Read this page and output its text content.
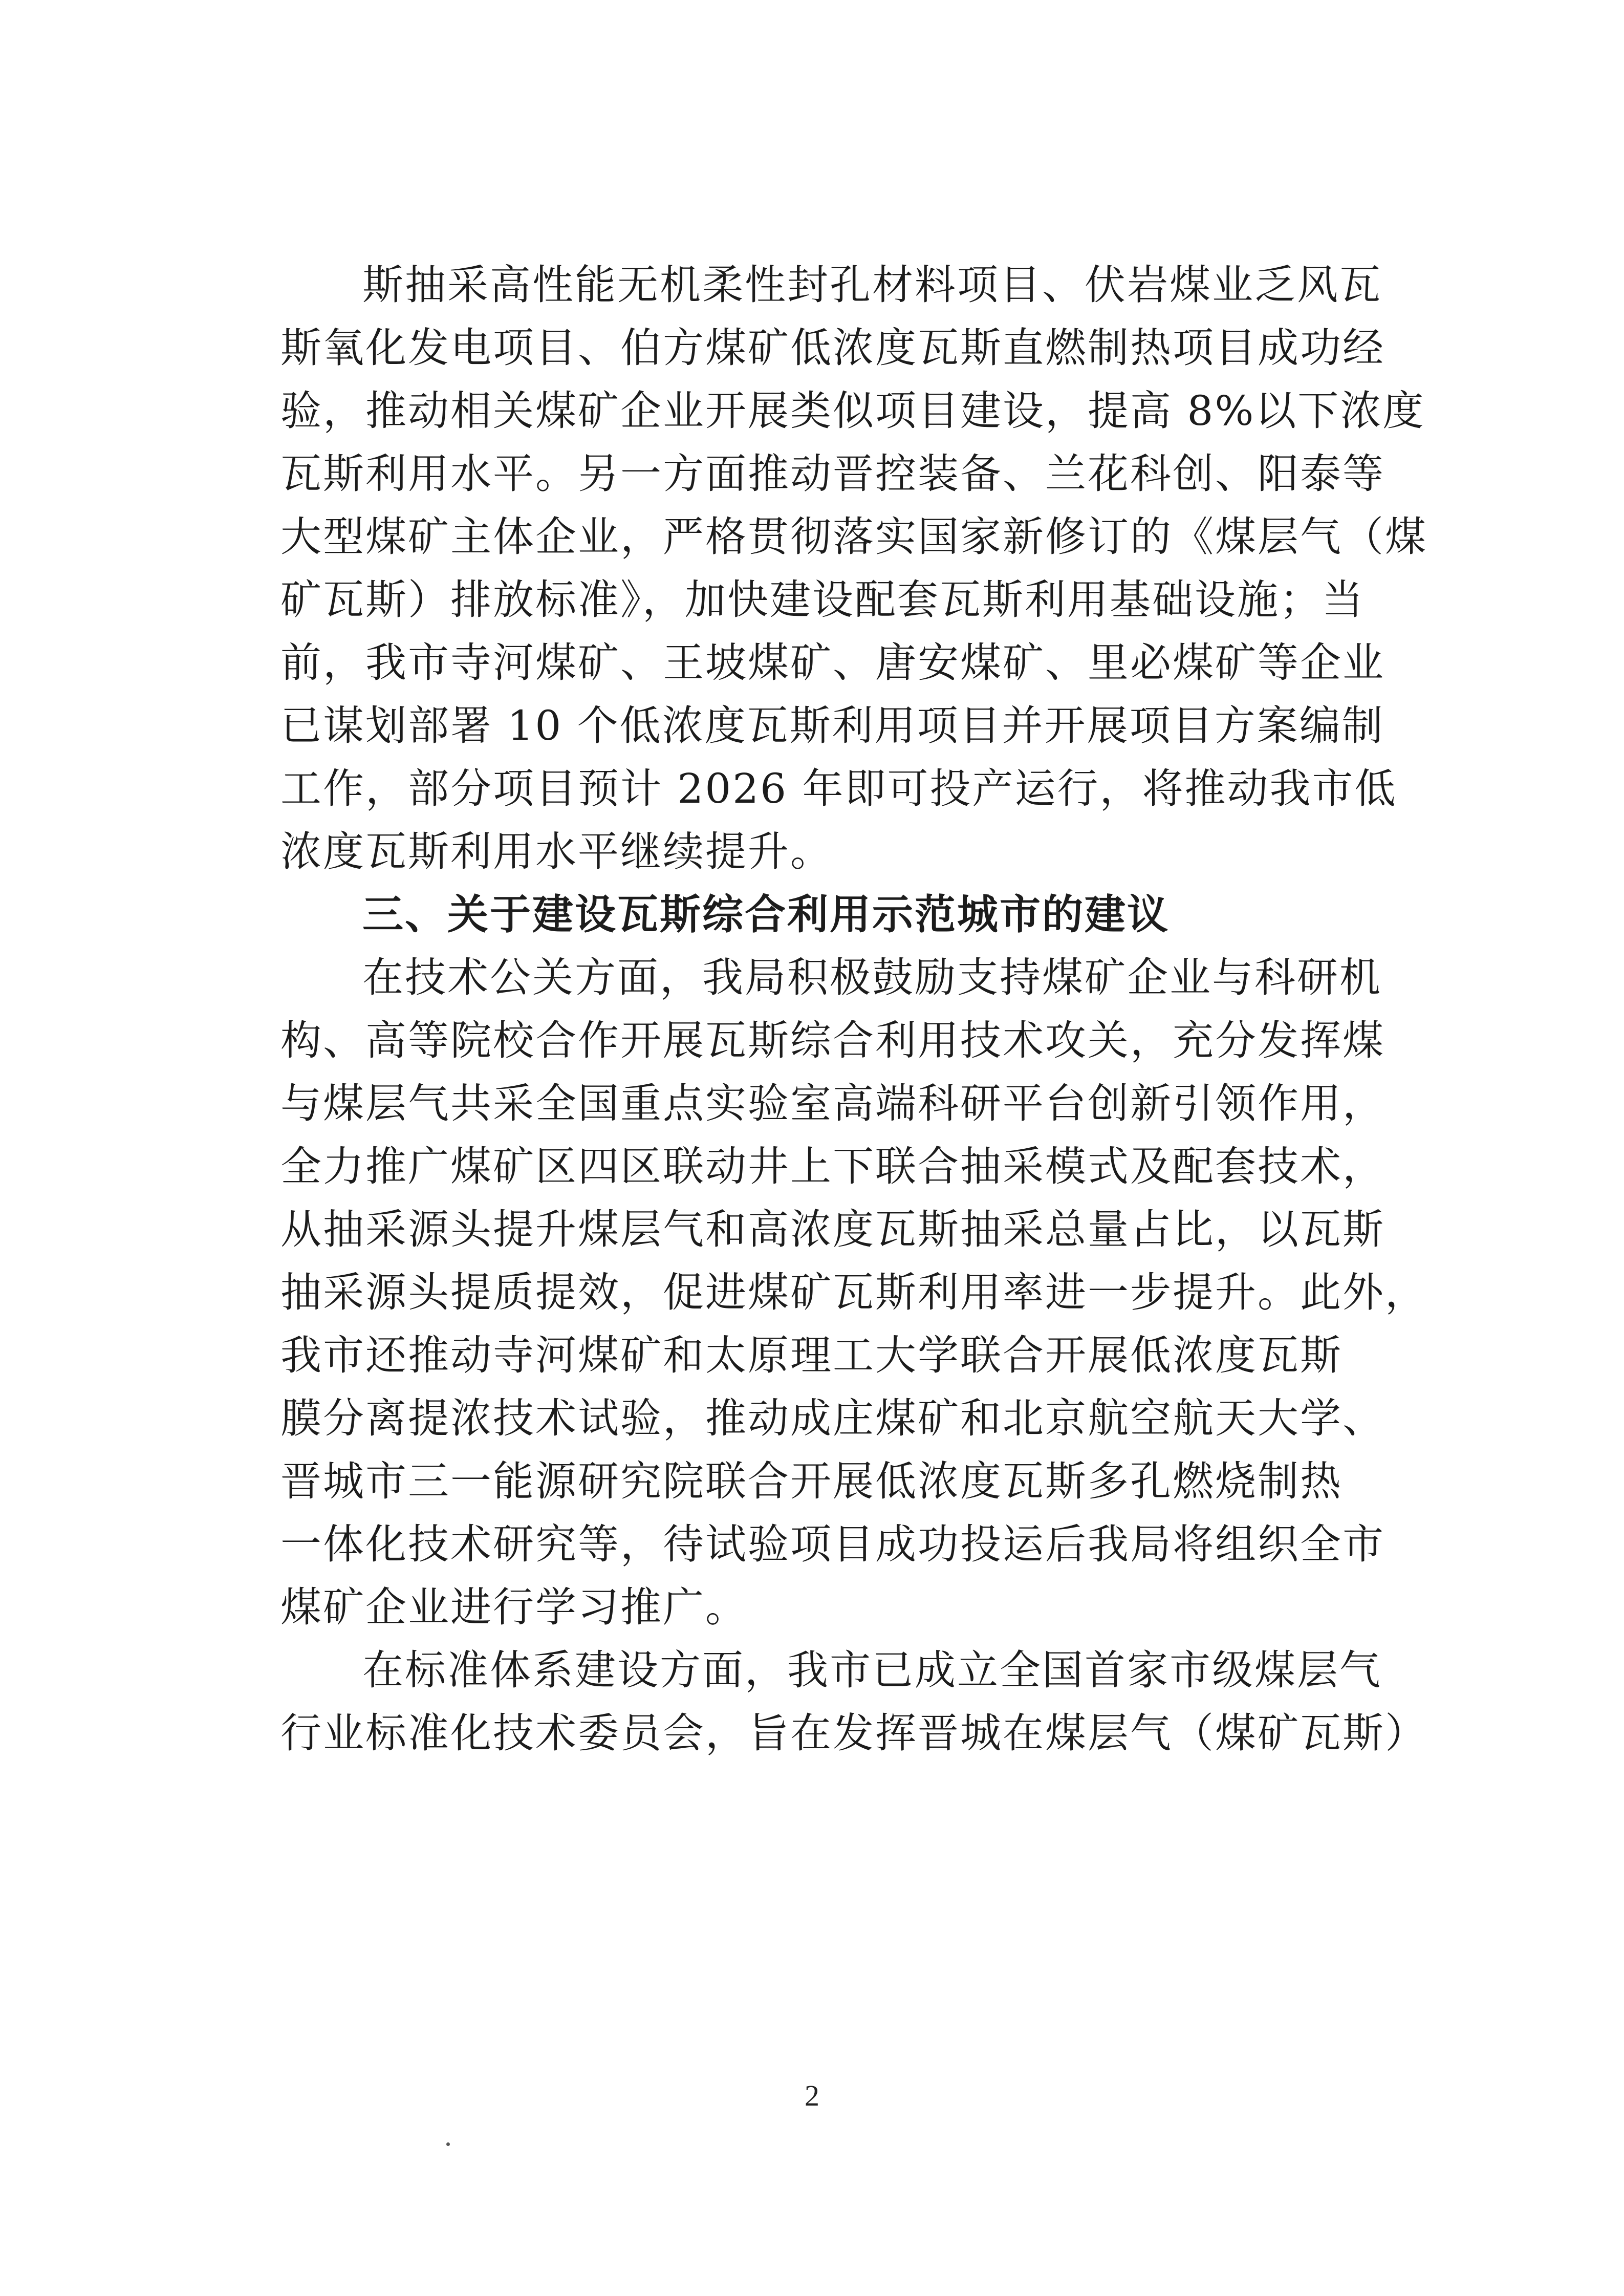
斯抽采高性能无机柔性封孔材料项目、伏岩煤业乏风瓦
斯氧化发电项目、伯方煤矿低浓度瓦斯直燃制热项目成功经
验，推动相关煤矿企业开展类似项目建设，提高 8%以下浓度
瓦斯利用水平。另一方面推动晋控装备、兰花科创、阳泰等
大型煤矿主体企业，严格贯彻落实国家新修订的《煤层气（煤
矿瓦斯）排放标准》，加快建设配套瓦斯利用基础设施；当
前，我市寺河煤矿、王坡煤矿、唐安煤矿、里必煤矿等企业
已谋划部署 10 个低浓度瓦斯利用项目并开展项目方案编制
工作，部分项目预计 2026 年即可投产运行，将推动我市低
浓度瓦斯利用水平继续提升。
三、关于建设瓦斯综合利用示范城市的建议
在技术公关方面，我局积极鼓励支持煤矿企业与科研机
构、高等院校合作开展瓦斯综合利用技术攻关，充分发挥煤
与煤层气共采全国重点实验室高端科研平台创新引领作用，
全力推广煤矿区四区联动井上下联合抽采模式及配套技术，
从抽采源头提升煤层气和高浓度瓦斯抽采总量占比，以瓦斯
抽采源头提质提效，促进煤矿瓦斯利用率进一步提升。此外，
我市还推动寺河煤矿和太原理工大学联合开展低浓度瓦斯
膜分离提浓技术试验，推动成庄煤矿和北京航空航天大学、
晋城市三一能源研究院联合开展低浓度瓦斯多孔燃烧制热
一体化技术研究等，待试验项目成功投运后我局将组织全市
煤矿企业进行学习推广。
在标准体系建设方面，我市已成立全国首家市级煤层气
行业标准化技术委员会，旨在发挥晋城在煤层气（煤矿瓦斯）
2
